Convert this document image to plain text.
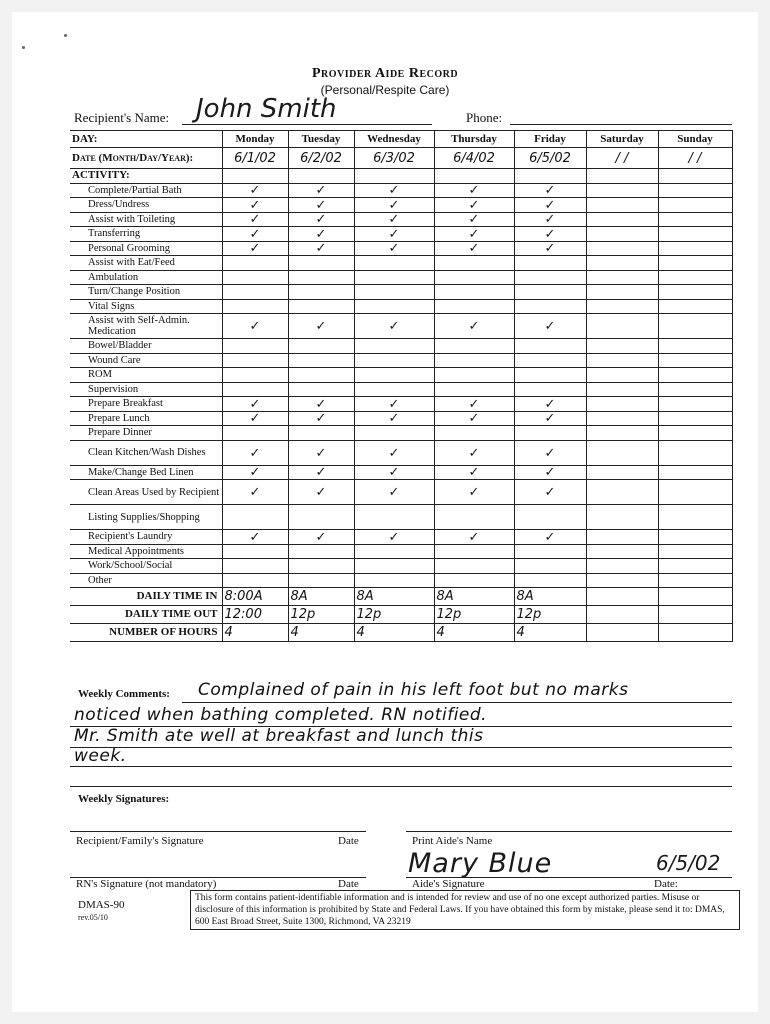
Provider Aide Record
(Personal/Respite Care)
Recipient's Name: John Smith	Phone:
DAY:	Monday	Tuesday	Wednesday	Thursday	Friday	Saturday	Sunday
Date (Month/Day/Year):	6/1/02	6/2/02	6/3/02	6/4/02	6/5/02	/ /	/ /
ACTIVITY:							
Complete/Partial Bath	✓	✓	✓	✓	✓		
Dress/Undress	✓	✓	✓	✓	✓		
Assist with Toileting	✓	✓	✓	✓	✓		
Transferring	✓	✓	✓	✓	✓		
Personal Grooming	✓	✓	✓	✓	✓		
Assist with Eat/Feed							
Ambulation							
Turn/Change Position							
Vital Signs							
Assist with Self-Admin. Medication	✓	✓	✓	✓	✓		
Bowel/Bladder							
Wound Care							
ROM							
Supervision							
Prepare Breakfast	✓	✓	✓	✓	✓		
Prepare Lunch	✓	✓	✓	✓	✓		
Prepare Dinner							
Clean Kitchen/Wash Dishes	✓	✓	✓	✓	✓		
Make/Change Bed Linen	✓	✓	✓	✓	✓		
Clean Areas Used by Recipient	✓	✓	✓	✓	✓		
Listing Supplies/Shopping							
Recipient's Laundry	✓	✓	✓	✓	✓		
Medical Appointments							
Work/School/Social							
Other							
DAILY TIME IN	8:00A	8A	8A	8A	8A		
DAILY TIME OUT	12:00	12p	12p	12p	12p		
NUMBER OF HOURS	4	4	4	4	4		
Weekly Comments: Complained of pain in his left foot but no marks
noticed when bathing completed. RN notified.
Mr. Smith ate well at breakfast and lunch this
week.
Weekly Signatures:
Recipient/Family's Signature	Date	Print Aide's Name
Mary Blue	6/5/02
RN's Signature (not mandatory)	Date	Aide's Signature	Date:
DMAS-90
rev.05/10
This form contains patient-identifiable information and is intended for review and use of no one except authorized parties. Misuse or disclosure of this information is prohibited by State and Federal Laws. If you have obtained this form by mistake, please send it to: DMAS, 600 East Broad Street, Suite 1300, Richmond, VA 23219
